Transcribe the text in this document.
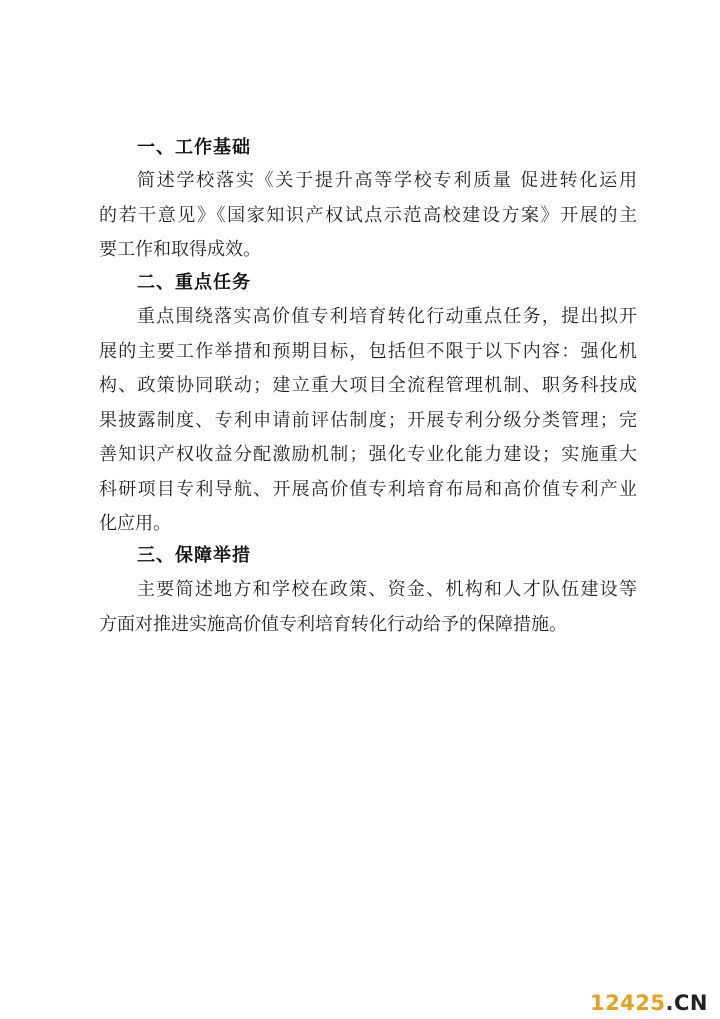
一、工作基础
简述学校落实《关于提升高等学校专利质量 促进转化运用
的若干意见》《国家知识产权试点示范高校建设方案》开展的主
要工作和取得成效。
二、重点任务
重点围绕落实高价值专利培育转化行动重点任务，提出拟开
展的主要工作举措和预期目标，包括但不限于以下内容：强化机
构、政策协同联动；建立重大项目全流程管理机制、职务科技成
果披露制度、专利申请前评估制度；开展专利分级分类管理；完
善知识产权收益分配激励机制；强化专业化能力建设；实施重大
科研项目专利导航、开展高价值专利培育布局和高价值专利产业
化应用。
三、保障举措
主要简述地方和学校在政策、资金、机构和人才队伍建设等
方面对推进实施高价值专利培育转化行动给予的保障措施。
12425.CN
